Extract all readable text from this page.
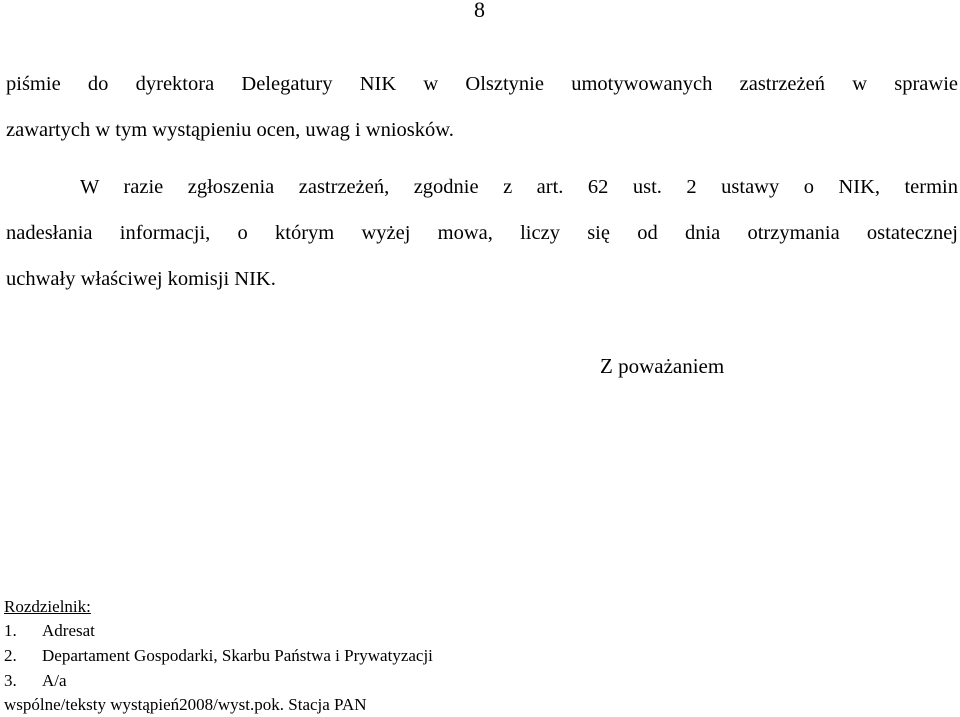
8
piśmie do dyrektora Delegatury NIK w Olsztynie umotywowanych zastrzeżeń w sprawie
zawartych w tym wystąpieniu ocen, uwag i wniosków.
W razie zgłoszenia zastrzeżeń, zgodnie z art. 62 ust. 2 ustawy o NIK, termin
nadesłania informacji, o którym wyżej mowa, liczy się od dnia otrzymania ostatecznej
uchwały właściwej komisji NIK.
Z poważaniem
Rozdzielnik:
1. Adresat
2. Departament Gospodarki, Skarbu Państwa i Prywatyzacji
3. A/a
wspólne/teksty wystąpień2008/wyst.pok. Stacja PAN
